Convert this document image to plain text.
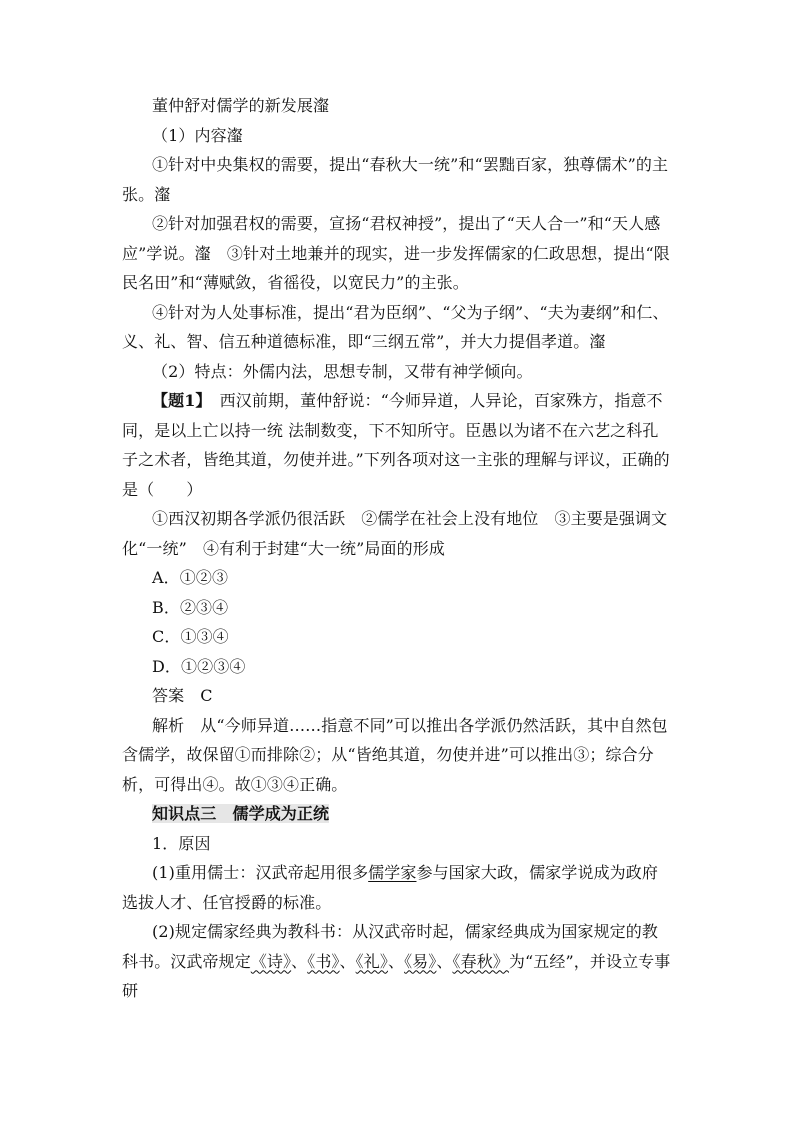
董仲舒对儒学的新发展瀣

（1）内容瀣

①针对中央集权的需要，提出“春秋大一统”和“罢黜百家，独尊儒术”的主张。瀣

②针对加强君权的需要，宣扬“君权神授”，提出了“天人合一”和“天人感应”学说。瀣　③针对土地兼并的现实，进一步发挥儒家的仁政思想，提出“限民名田”和“薄赋敛，省徭役，以宽民力”的主张。

④针对为人处事标准，提出“君为臣纲”、“父为子纲”、“夫为妻纲”和仁、义、礼、智、信五种道德标准，即“三纲五常”，并大力提倡孝道。瀣

（2）特点：外儒内法，思想专制，又带有神学倾向。

【题1】　西汉前期，董仲舒说：“今师异道，人异论，百家殊方，指意不同，是以上亡以持一统 法制数变，下不知所守。臣愚以为诸不在六艺之科孔子之术者，皆绝其道，勿使并进。”下列各项对这一主张的理解与评议，正确的是（　　）

①西汉初期各学派仍很活跃　②儒学在社会上没有地位　③主要是强调文化“一统”　④有利于封建“大一统”局面的形成

A．①②③

B．②③④

C．①③④

D．①②③④

答案　C

解析　从“今师异道……指意不同”可以推出各学派仍然活跃，其中自然包含儒学，故保留①而排除②；从“皆绝其道，勿使并进”可以推出③；综合分析，可得出④。故①③④正确。

知识点三　儒学成为正统

1．原因

(1)重用儒士：汉武帝起用很多儒学家参与国家大政，儒家学说成为政府选拔人才、任官授爵的标准。

(2)规定儒家经典为教科书：从汉武帝时起，儒家经典成为国家规定的教科书。汉武帝规定《诗》、《书》、《礼》、《易》、《春秋》为“五经”，并设立专事研
